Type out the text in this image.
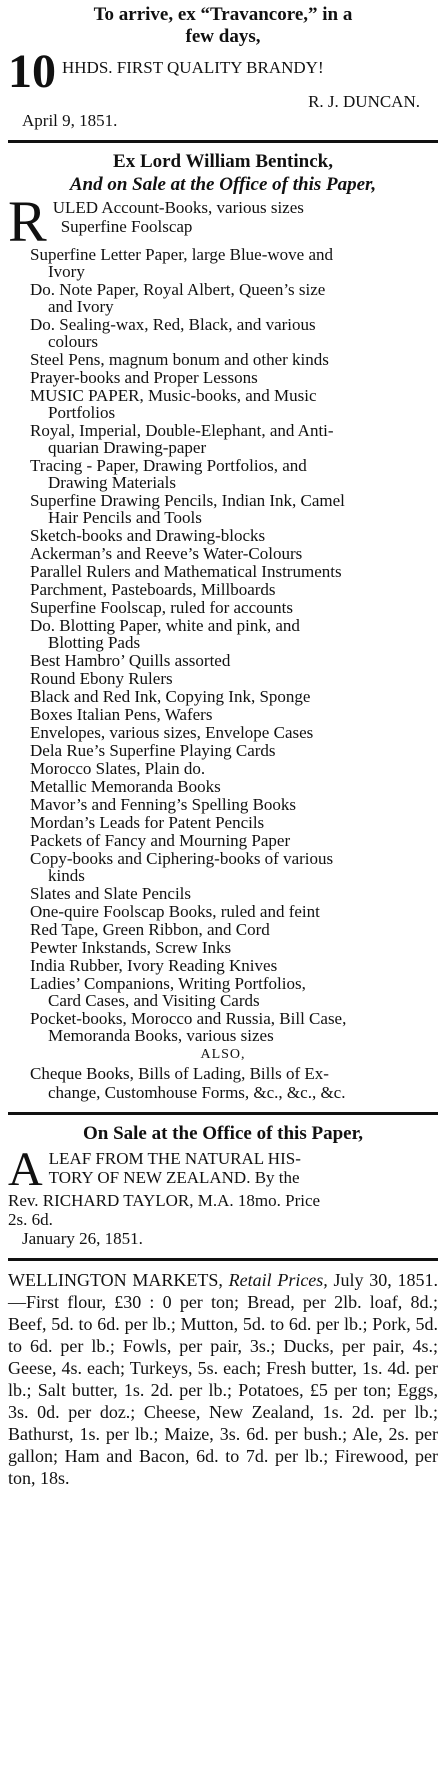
To arrive, ex “Travancore,” in a
few days,
10 HHDS. FIRST QUALITY BRANDY!
R. J. DUNCAN.
April 9, 1851.
Ex Lord William Bentinck,
And on Sale at the Office of this Paper,
R ULED Account-Books, various sizes
Superfine Foolscap
Superfine Letter Paper, large Blue-wove and
Ivory
Do. Note Paper, Royal Albert, Queen’s size
and Ivory
Do. Sealing-wax, Red, Black, and various
colours
Steel Pens, magnum bonum and other kinds
Prayer-books and Proper Lessons
MUSIC PAPER, Music-books, and Music
Portfolios
Royal, Imperial, Double-Elephant, and Anti-
quarian Drawing-paper
Tracing - Paper, Drawing Portfolios, and
Drawing Materials
Superfine Drawing Pencils, Indian Ink, Camel
Hair Pencils and Tools
Sketch-books and Drawing-blocks
Ackerman’s and Reeve’s Water-Colours
Parallel Rulers and Mathematical Instruments
Parchment, Pasteboards, Millboards
Superfine Foolscap, ruled for accounts
Do. Blotting Paper, white and pink, and
Blotting Pads
Best Hambro’ Quills assorted
Round Ebony Rulers
Black and Red Ink, Copying Ink, Sponge
Boxes Italian Pens, Wafers
Envelopes, various sizes, Envelope Cases
Dela Rue’s Superfine Playing Cards
Morocco Slates, Plain do.
Metallic Memoranda Books
Mavor’s and Fenning’s Spelling Books
Mordan’s Leads for Patent Pencils
Packets of Fancy and Mourning Paper
Copy-books and Ciphering-books of various
kinds
Slates and Slate Pencils
One-quire Foolscap Books, ruled and feint
Red Tape, Green Ribbon, and Cord
Pewter Inkstands, Screw Inks
India Rubber, Ivory Reading Knives
Ladies’ Companions, Writing Portfolios,
Card Cases, and Visiting Cards
Pocket-books, Morocco and Russia, Bill Case,
Memoranda Books, various sizes
ALSO,
Cheque Books, Bills of Lading, Bills of Ex-
change, Customhouse Forms, &c., &c., &c.
On Sale at the Office of this Paper,
A LEAF FROM THE NATURAL HIS-
TORY OF NEW ZEALAND. By the
Rev. RICHARD TAYLOR, M.A. 18mo. Price
2s. 6d.
January 26, 1851.
WELLINGTON MARKETS, Retail Prices, July 30, 1851.—First flour, £30 : 0 per ton; Bread, per 2lb. loaf, 8d.; Beef, 5d. to 6d. per lb.; Mutton, 5d. to 6d. per lb.; Pork, 5d. to 6d. per lb.; Fowls, per pair, 3s.; Ducks, per pair, 4s.; Geese, 4s. each; Turkeys, 5s. each; Fresh butter, 1s. 4d. per lb.; Salt butter, 1s. 2d. per lb.; Potatoes, £5 per ton; Eggs, 3s. 0d. per doz.; Cheese, New Zealand, 1s. 2d. per lb.; Bathurst, 1s. per lb.; Maize, 3s. 6d. per bush.; Ale, 2s. per gallon; Ham and Bacon, 6d. to 7d. per lb.; Firewood, per ton, 18s.
